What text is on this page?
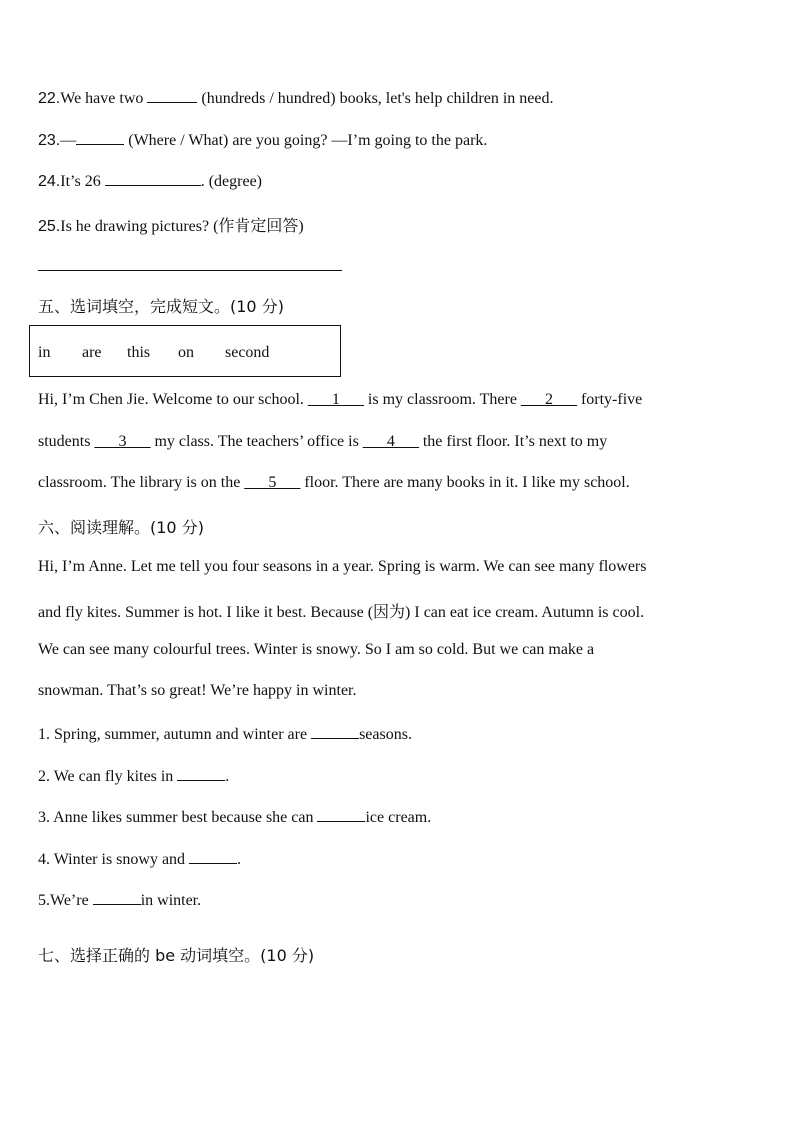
22.We have two	(hundreds / hundred) books, let's help children in need.
23.—	(Where / What) are you going? —I’m going to the park.
24.It’s 26	. (degree)
25.Is he drawing pictures? (作肯定回答)
五、选词填空，完成短文。(10 分)
in are this on second
Hi, I’m Chen Jie. Welcome to our school. ___1___ is my classroom. There ___2___ forty-five
students ___3___ my class. The teachers’ office is ___4___ the first floor. It’s next to my
classroom. The library is on the ___5___ floor. There are many books in it. I like my school.
六、阅读理解。(10 分)
Hi, I’m Anne. Let me tell you four seasons in a year. Spring is warm. We can see many flowers
and fly kites. Summer is hot. I like it best. Because (因为) I can eat ice cream. Autumn is cool.
We can see many colourful trees. Winter is snowy. So I am so cold. But we can make a
snowman. That’s so great! We’re happy in winter.
1. Spring, summer, autumn and winter are	seasons.
2. We can fly kites in	.
3. Anne likes summer best because she can	ice cream.
4. Winter is snowy and	.
5.We’re	in winter.
七、选择正确的 be 动词填空。(10 分)
